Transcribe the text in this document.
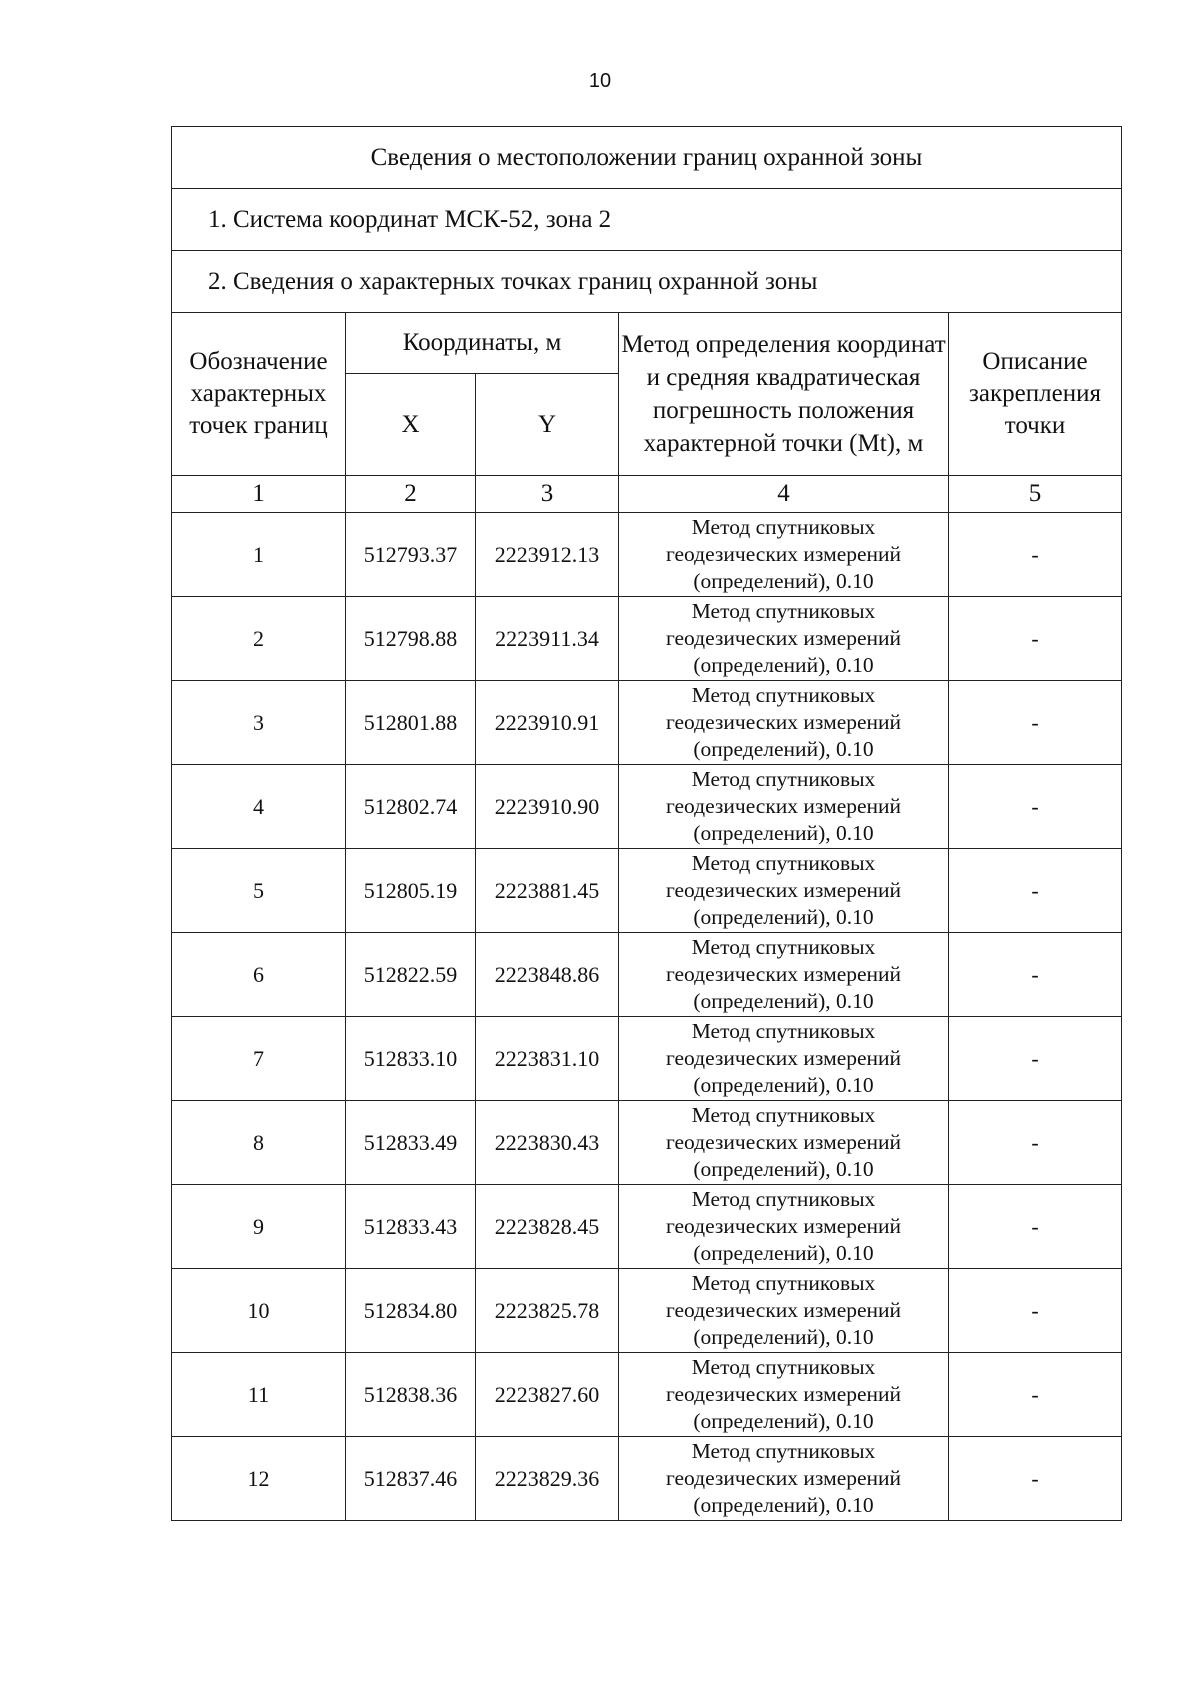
10
Сведения о местоположении границ охранной зоны				
1. Система координат МСК-52, зона 2				
2. Сведения о характерных точках границ охранной зоны				
Обозначение характерных точек границ	Координаты, м		Метод определения координат и средняя квадратическая погрешность положения характерной точки (Mt), м	Описание закрепления точки
	X	Y		
1	2	3	4	5
1	512793.37	2223912.13	Метод спутниковых
геодезических измерений
(определений), 0.10	-
2	512798.88	2223911.34	Метод спутниковых
геодезических измерений
(определений), 0.10	-
3	512801.88	2223910.91	Метод спутниковых
геодезических измерений
(определений), 0.10	-
4	512802.74	2223910.90	Метод спутниковых
геодезических измерений
(определений), 0.10	-
5	512805.19	2223881.45	Метод спутниковых
геодезических измерений
(определений), 0.10	-
6	512822.59	2223848.86	Метод спутниковых
геодезических измерений
(определений), 0.10	-
7	512833.10	2223831.10	Метод спутниковых
геодезических измерений
(определений), 0.10	-
8	512833.49	2223830.43	Метод спутниковых
геодезических измерений
(определений), 0.10	-
9	512833.43	2223828.45	Метод спутниковых
геодезических измерений
(определений), 0.10	-
10	512834.80	2223825.78	Метод спутниковых
геодезических измерений
(определений), 0.10	-
11	512838.36	2223827.60	Метод спутниковых
геодезических измерений
(определений), 0.10	-
12	512837.46	2223829.36	Метод спутниковых
геодезических измерений
(определений), 0.10	-
